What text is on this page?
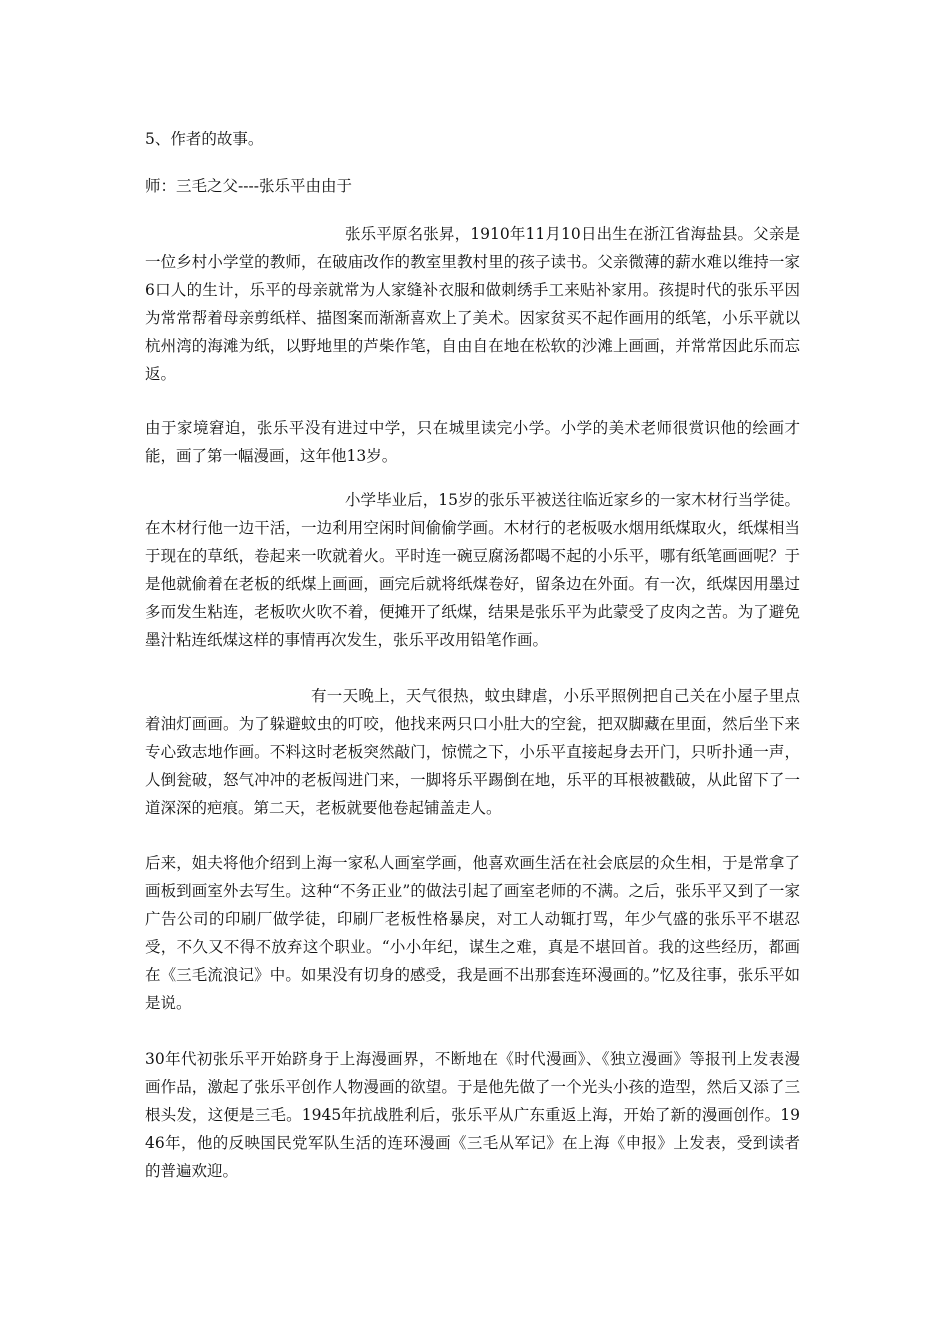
5、作者的故事。

师：三毛之父----张乐平由由于

张乐平原名张昇，1910年11月10日出生在浙江省海盐县。父亲是一位乡村小学堂的教师，在破庙改作的教室里教村里的孩子读书。父亲微薄的薪水难以维持一家6口人的生计，乐平的母亲就常为人家缝补衣服和做刺绣手工来贴补家用。孩提时代的张乐平因为常常帮着母亲剪纸样、描图案而渐渐喜欢上了美术。因家贫买不起作画用的纸笔，小乐平就以杭州湾的海滩为纸，以野地里的芦柴作笔，自由自在地在松软的沙滩上画画，并常常因此乐而忘返。

由于家境窘迫，张乐平没有进过中学，只在城里读完小学。小学的美术老师很赏识他的绘画才能，画了第一幅漫画，这年他13岁。

小学毕业后，15岁的张乐平被送往临近家乡的一家木材行当学徒。在木材行他一边干活，一边利用空闲时间偷偷学画。木材行的老板吸水烟用纸煤取火，纸煤相当于现在的草纸，卷起来一吹就着火。平时连一碗豆腐汤都喝不起的小乐平，哪有纸笔画画呢？于是他就偷着在老板的纸煤上画画，画完后就将纸煤卷好，留条边在外面。有一次，纸煤因用墨过多而发生粘连，老板吹火吹不着，便摊开了纸煤，结果是张乐平为此蒙受了皮肉之苦。为了避免墨汁粘连纸煤这样的事情再次发生，张乐平改用铅笔作画。

有一天晚上，天气很热，蚊虫肆虐，小乐平照例把自己关在小屋子里点着油灯画画。为了躲避蚊虫的叮咬，他找来两只口小肚大的空瓮，把双脚藏在里面，然后坐下来专心致志地作画。不料这时老板突然敲门，惊慌之下，小乐平直接起身去开门，只听扑通一声，人倒瓮破，怒气冲冲的老板闯进门来，一脚将乐平踢倒在地，乐平的耳根被戳破，从此留下了一道深深的疤痕。第二天，老板就要他卷起铺盖走人。

后来，姐夫将他介绍到上海一家私人画室学画，他喜欢画生活在社会底层的众生相，于是常拿了画板到画室外去写生。这种“不务正业”的做法引起了画室老师的不满。之后，张乐平又到了一家广告公司的印刷厂做学徒，印刷厂老板性格暴戾，对工人动辄打骂，年少气盛的张乐平不堪忍受，不久又不得不放弃这个职业。“小小年纪，谋生之难，真是不堪回首。我的这些经历，都画在《三毛流浪记》中。如果没有切身的感受，我是画不出那套连环漫画的。”忆及往事，张乐平如是说。

30年代初张乐平开始跻身于上海漫画界，不断地在《时代漫画》、《独立漫画》等报刊上发表漫画作品，激起了张乐平创作人物漫画的欲望。于是他先做了一个光头小孩的造型，然后又添了三根头发，这便是三毛。1945年抗战胜利后，张乐平从广东重返上海，开始了新的漫画创作。1946年，他的反映国民党军队生活的连环漫画《三毛从军记》在上海《申报》上发表，受到读者的普遍欢迎。
